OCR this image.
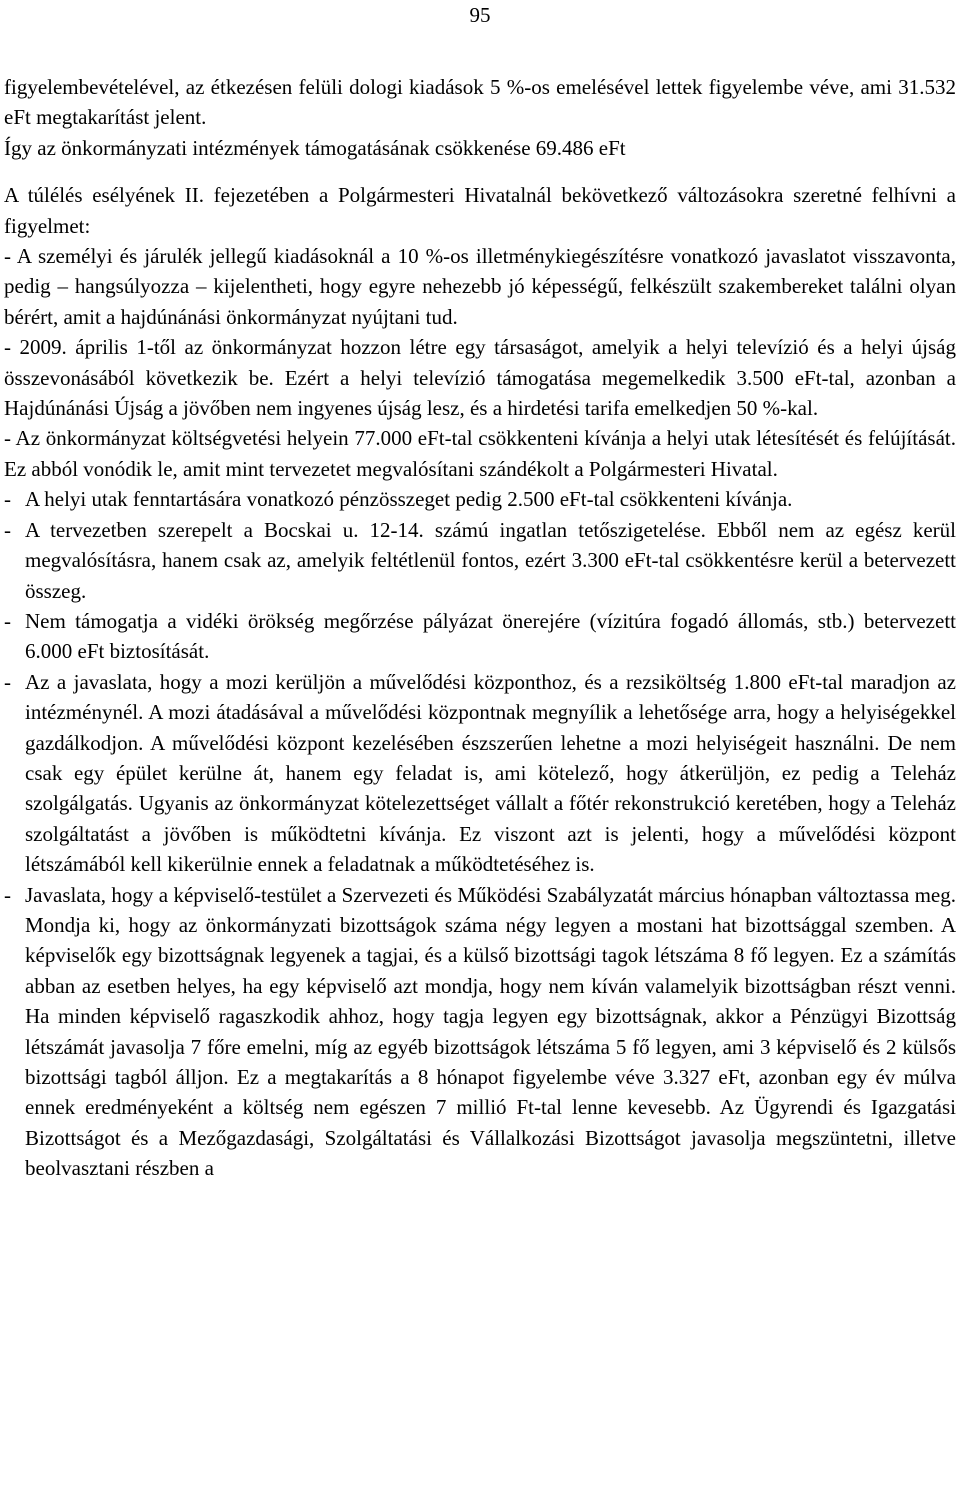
95

figyelembevételével, az étkezésen felüli dologi kiadások 5 %-os emelésével lettek figyelembe véve, ami 31.532 eFt megtakarítást jelent.

Így az önkormányzati intézmények támogatásának csökkenése 69.486 eFt

A túlélés esélyének II. fejezetében a Polgármesteri Hivatalnál bekövetkező változásokra szeretné felhívni a figyelmet:

- A személyi és járulék jellegű kiadásoknál a 10 %-os illetménykiegészítésre vonatkozó javaslatot visszavonta, pedig – hangsúlyozza – kijelentheti, hogy egyre nehezebb jó képességű, felkészült szakembereket találni olyan bérért, amit a hajdúnánási önkormányzat nyújtani tud.
- 2009. április 1-től az önkormányzat hozzon létre egy társaságot, amelyik a helyi televízió és a helyi újság összevonásából következik be. Ezért a helyi televízió támogatása megemelkedik 3.500 eFt-tal, azonban a Hajdúnánási Újság a jövőben nem ingyenes újság lesz, és a hirdetési tarifa emelkedjen 50 %-kal.
- Az önkormányzat költségvetési helyein 77.000 eFt-tal csökkenteni kívánja a helyi utak létesítését és felújítását. Ez abból vonódik le, amit mint tervezetet megvalósítani szándékolt a Polgármesteri Hivatal.
- A helyi utak fenntartására vonatkozó pénzösszeget pedig 2.500 eFt-tal csökkenteni kívánja.
- A tervezetben szerepelt a Bocskai u. 12-14. számú ingatlan tetőszigetelése. Ebből nem az egész kerül megvalósításra, hanem csak az, amelyik feltétlenül fontos, ezért 3.300 eFt-tal csökkentésre kerül a betervezett összeg.
- Nem támogatja a vidéki örökség megőrzése pályázat önerejére (vízitúra fogadó állomás, stb.) betervezett 6.000 eFt biztosítását.
- Az a javaslata, hogy a mozi kerüljön a művelődési központhoz, és a rezsiköltség 1.800 eFt-tal maradjon az intézménynél. A mozi átadásával a művelődési központnak megnyílik a lehetősége arra, hogy a helyiségekkel gazdálkodjon. A művelődési központ kezelésében észszerűen lehetne a mozi helyiségeit használni. De nem csak egy épület kerülne át, hanem egy feladat is, ami kötelező, hogy átkerüljön, ez pedig a Teleház szolgálgatás. Ugyanis az önkormányzat kötelezettséget vállalt a főtér rekonstrukció keretében, hogy a Teleház szolgáltatást a jövőben is működtetni kívánja. Ez viszont azt is jelenti, hogy a művelődési központ létszámából kell kikerülnie ennek a feladatnak a működtetéséhez is.
- Javaslata, hogy a képviselő-testület a Szervezeti és Működési Szabályzatát március hónapban változtassa meg. Mondja ki, hogy az önkormányzati bizottságok száma négy legyen a mostani hat bizottsággal szemben. A képviselők egy bizottságnak legyenek a tagjai, és a külső bizottsági tagok létszáma 8 fő legyen. Ez a számítás abban az esetben helyes, ha egy képviselő azt mondja, hogy nem kíván valamelyik bizottságban részt venni. Ha minden képviselő ragaszkodik ahhoz, hogy tagja legyen egy bizottságnak, akkor a Pénzügyi Bizottság létszámát javasolja 7 főre emelni, míg az egyéb bizottságok létszáma 5 fő legyen, ami 3 képviselő és 2 külsős bizottsági tagból álljon. Ez a megtakarítás a 8 hónapot figyelembe véve 3.327 eFt, azonban egy év múlva ennek eredményeként a költség nem egészen 7 millió Ft-tal lenne kevesebb. Az Ügyrendi és Igazgatási Bizottságot és a Mezőgazdasági, Szolgáltatási és Vállalkozási Bizottságot javasolja megszüntetni, illetve beolvasztani részben a
